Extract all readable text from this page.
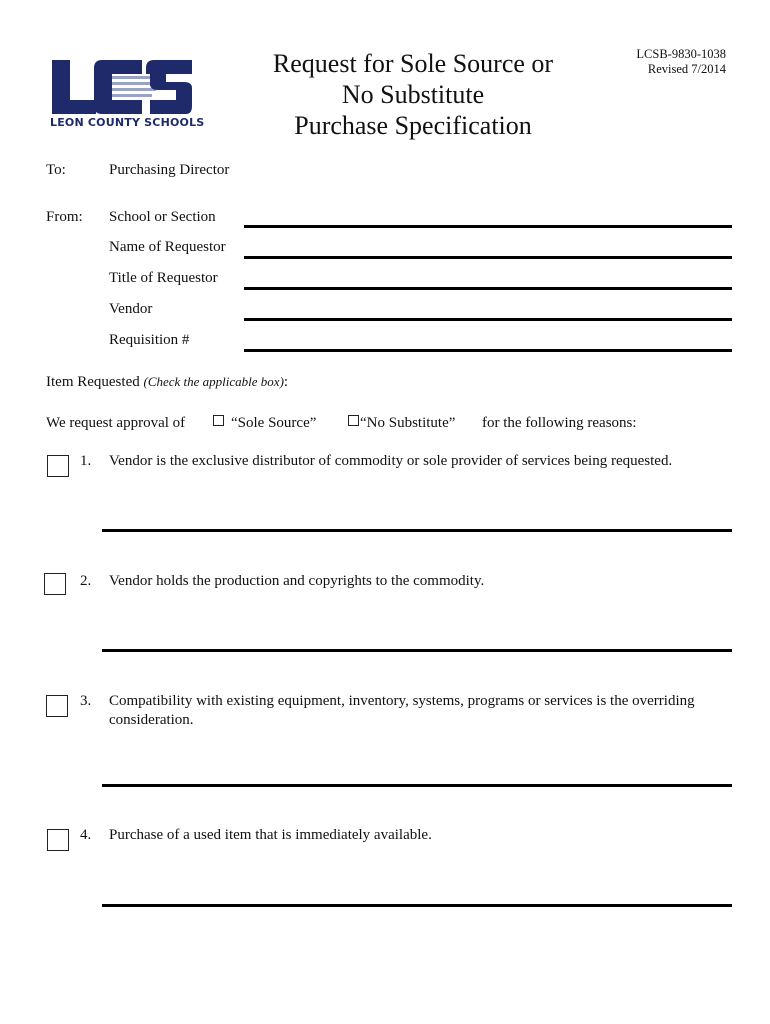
LEON COUNTY SCHOOLS
Request for Sole Source or
No Substitute
Purchase Specification
LCSB-9830-1038
Revised 7/2014
To:	Purchasing Director
From: School or Section
Name of Requestor
Title of Requestor
Vendor
Requisition #
Item Requested (Check the applicable box):
We request approval of	“Sole Source”	“No Substitute” for the following reasons:
1. Vendor is the exclusive distributor of commodity or sole provider of services being requested.
2. Vendor holds the production and copyrights to the commodity.
3. Compatibility with existing equipment, inventory, systems, programs or services is the overriding
consideration.
4. Purchase of a used item that is immediately available.
